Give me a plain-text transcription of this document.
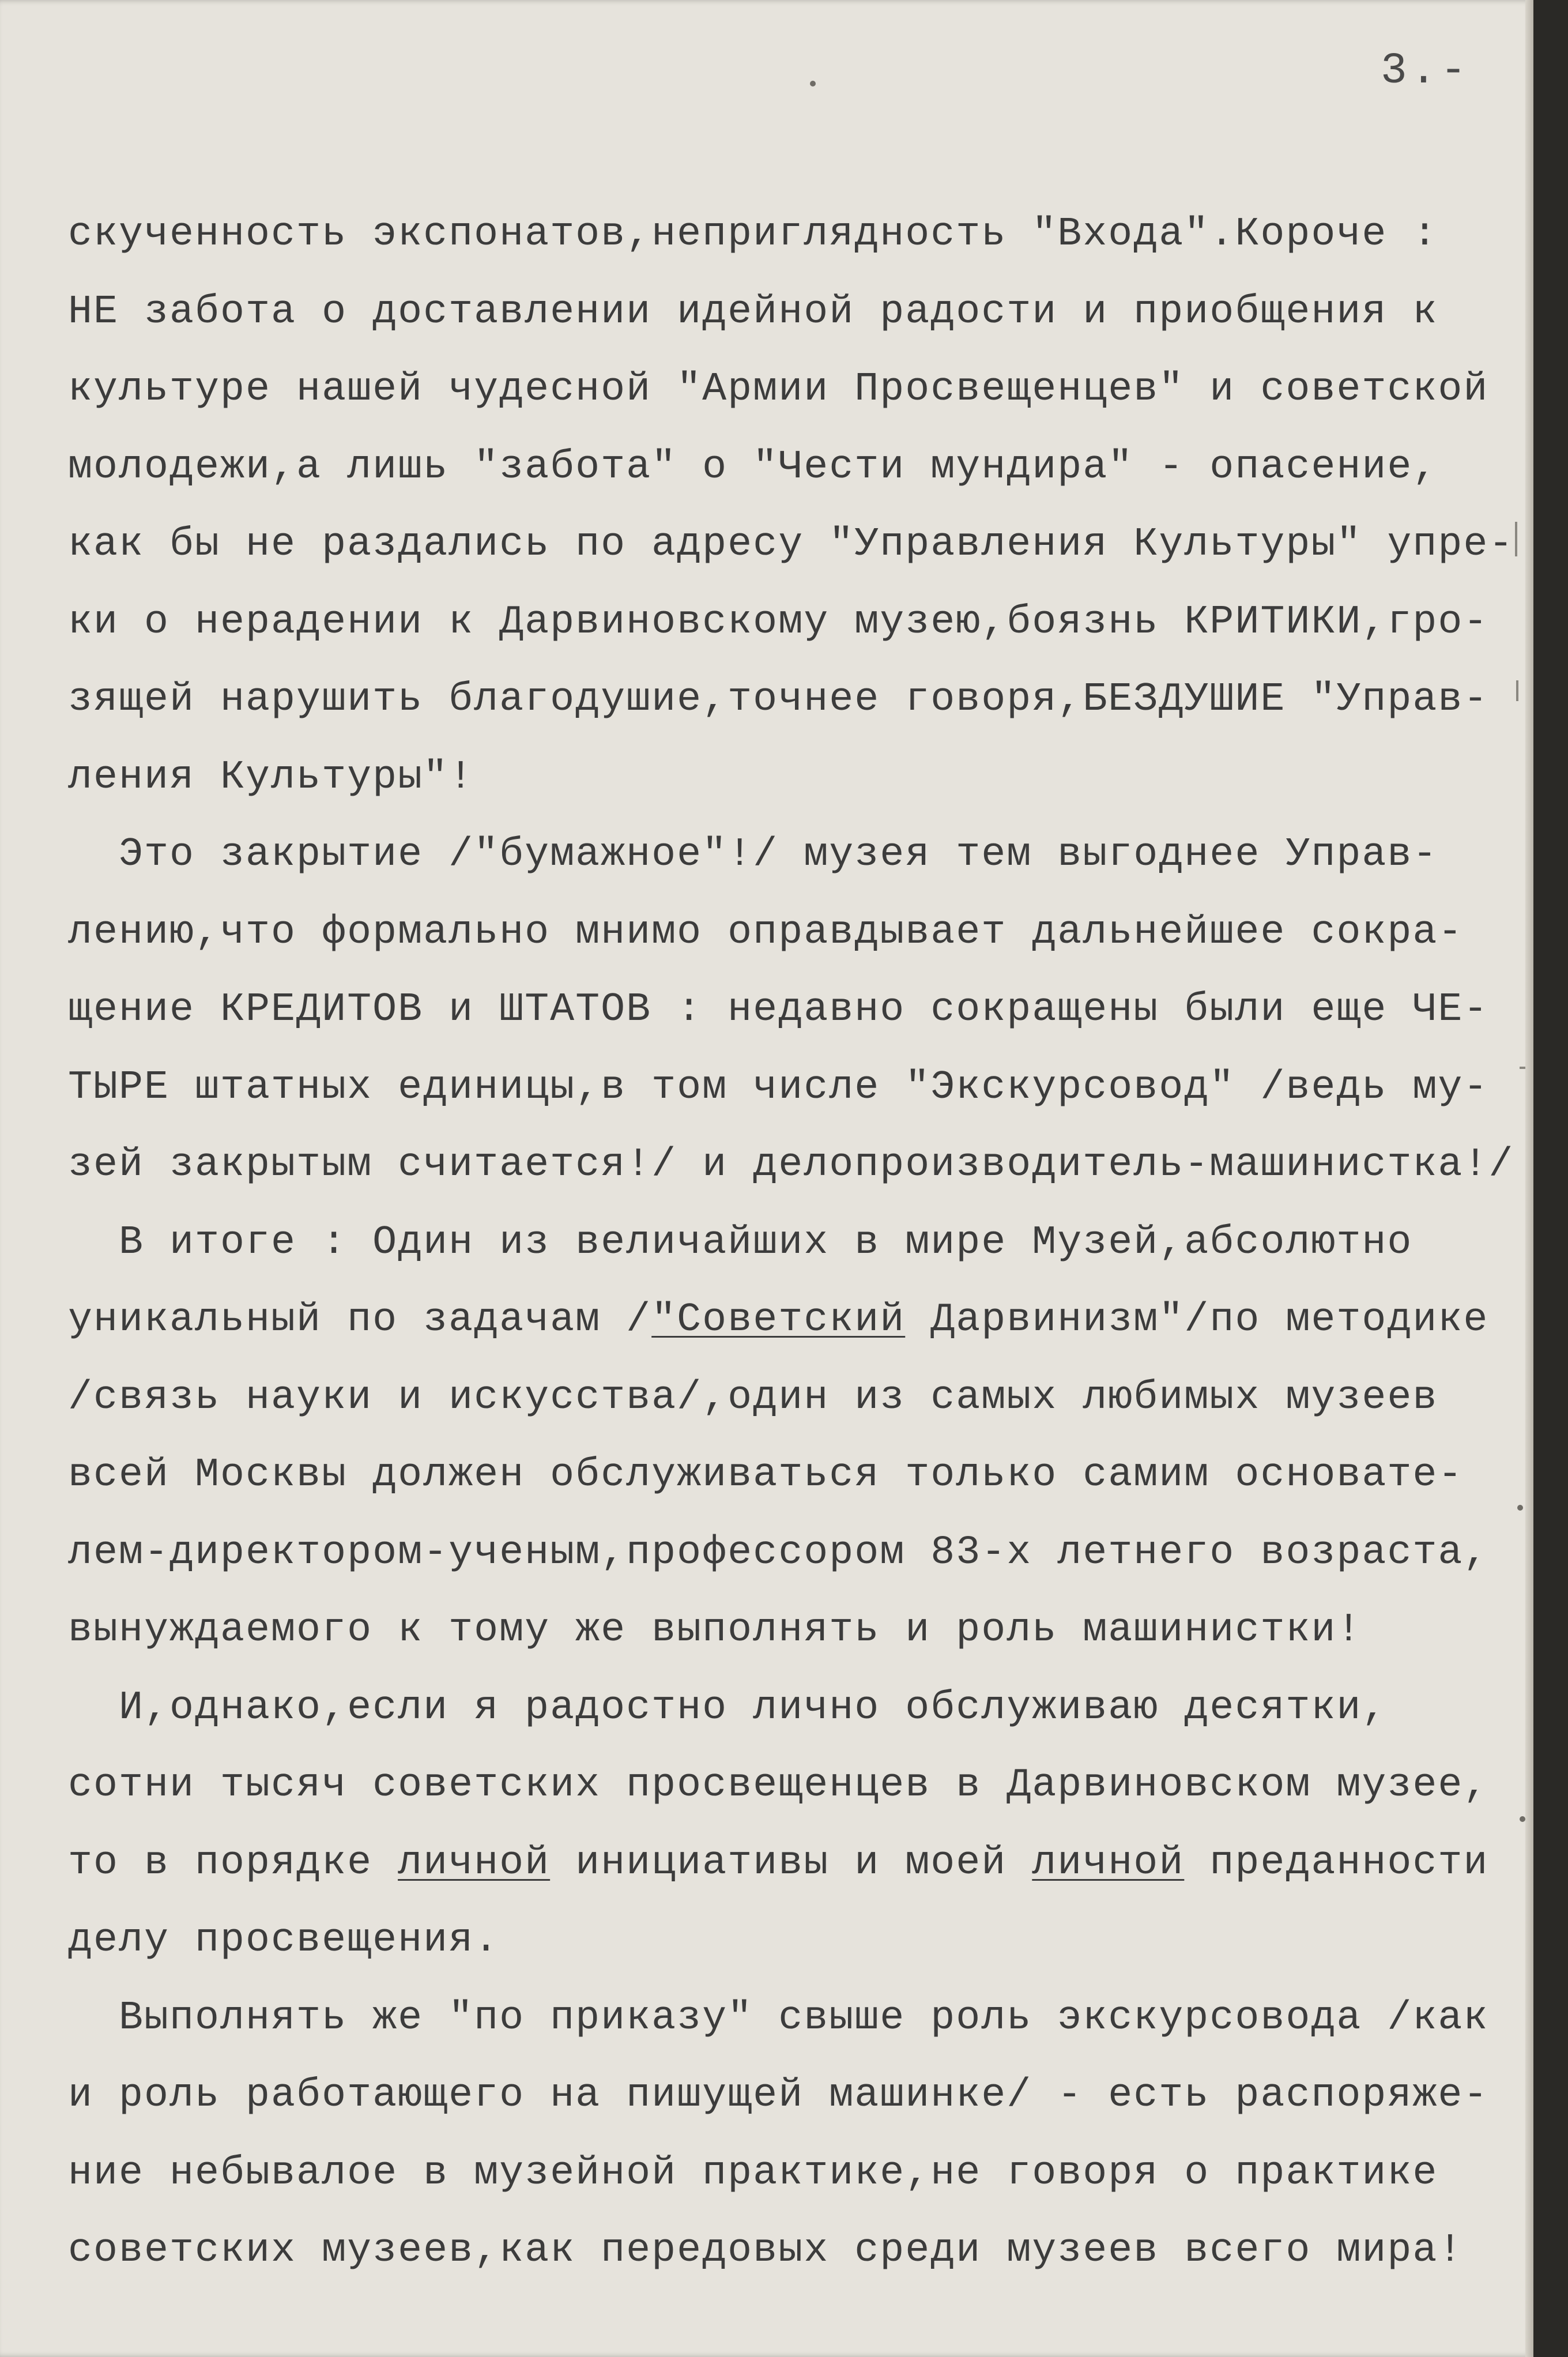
3.-
скученность экспонатов,неприглядность "Входа".Короче :
НЕ забота о доставлении идейной радости и приобщения к
культуре нашей чудесной "Армии Просвещенцев" и советской
молодежи,а лишь "забота" о "Чести мундира" - опасение,
как бы не раздались по адресу "Управления Культуры" упре-
ки о нерадении к Дарвиновскому музею,боязнь КРИТИКИ,гро-
зящей нарушить благодушие,точнее говоря,БЕЗДУШИЕ "Управ-
ления Культуры"!
Это закрытие /"бумажное"!/ музея тем выгоднее Управ-
лению,что формально мнимо оправдывает дальнейшее сокра-
щение КРЕДИТОВ и ШТАТОВ : недавно сокращены были еще ЧЕ-
ТЫРЕ штатных единицы,в том числе "Экскурсовод" /ведь му-
зей закрытым считается!/ и делопроизводитель-машинистка!/
В итоге : Один из величайших в мире Музей,абсолютно
уникальный по задачам /"Советский Дарвинизм"/по методике
/связь науки и искусства/,один из самых любимых музеев
всей Москвы должен обслуживаться только самим основате-
лем-директором-ученым,профессором 83-х летнего возраста,
вынуждаемого к тому же выполнять и роль машинистки!
И,однако,если я радостно лично обслуживаю десятки,
сотни тысяч советских просвещенцев в Дарвиновском музее,
то в порядке личной инициативы и моей личной преданности
делу просвещения.
Выполнять же "по приказу" свыше роль экскурсовода /как
и роль работающего на пишущей машинке/ - есть распоряже-
ние небывалое в музейной практике,не говоря о практике
советских музеев,как передовых среди музеев всего мира!
